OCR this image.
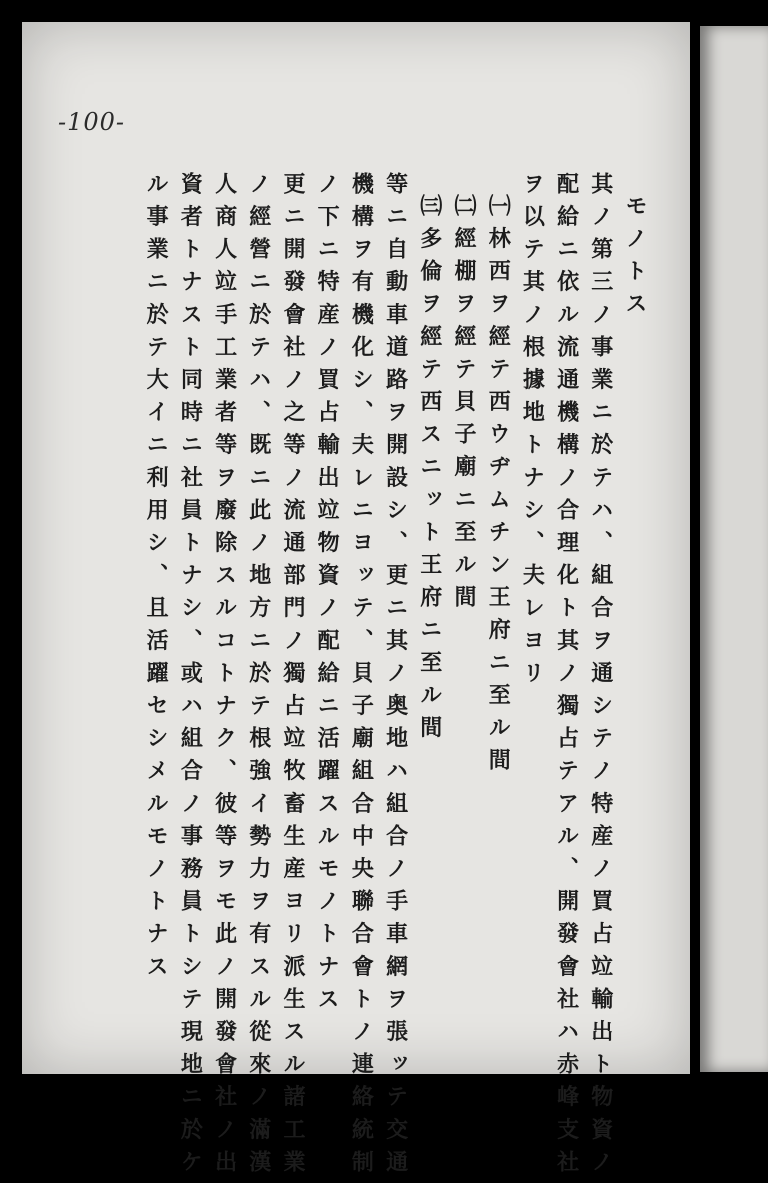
-100-
モノトス
其ノ第三ノ事業ニ於テハ、組合ヲ通シテノ特産ノ買占竝輸出ト物資ノ
配給ニ依ル流通機構ノ合理化ト其ノ獨占テアル、開發會社ハ赤峰支社
ヲ以テ其ノ根據地トナシ、夫レヨリ
㈠林西ヲ經テ西ウヂムチン王府ニ至ル間
㈡經棚ヲ經テ貝子廟ニ至ル間
㈢多倫ヲ經テ西スニット王府ニ至ル間
等ニ自動車道路ヲ開設シ、更ニ其ノ奥地ハ組合ノ手車網ヲ張ッテ交通
機構ヲ有機化シ、夫レニヨッテ、貝子廟組合中央聯合會トノ連絡統制
ノ下ニ特産ノ買占輸出竝物資ノ配給ニ活躍スルモノトナス
更ニ開發會社ノ之等ノ流通部門ノ獨占竝牧畜生産ヨリ派生スル諸工業
ノ經營ニ於テハ、既ニ此ノ地方ニ於テ根強イ勢力ヲ有スル從來ノ滿漢
人商人竝手工業者等ヲ廢除スルコトナク、彼等ヲモ此ノ開發會社ノ出
資者トナスト同時ニ社員トナシ、或ハ組合ノ事務員トシテ現地ニ於ケ
ル事業ニ於テ大イニ利用シ、且活躍セシメルモノトナス
